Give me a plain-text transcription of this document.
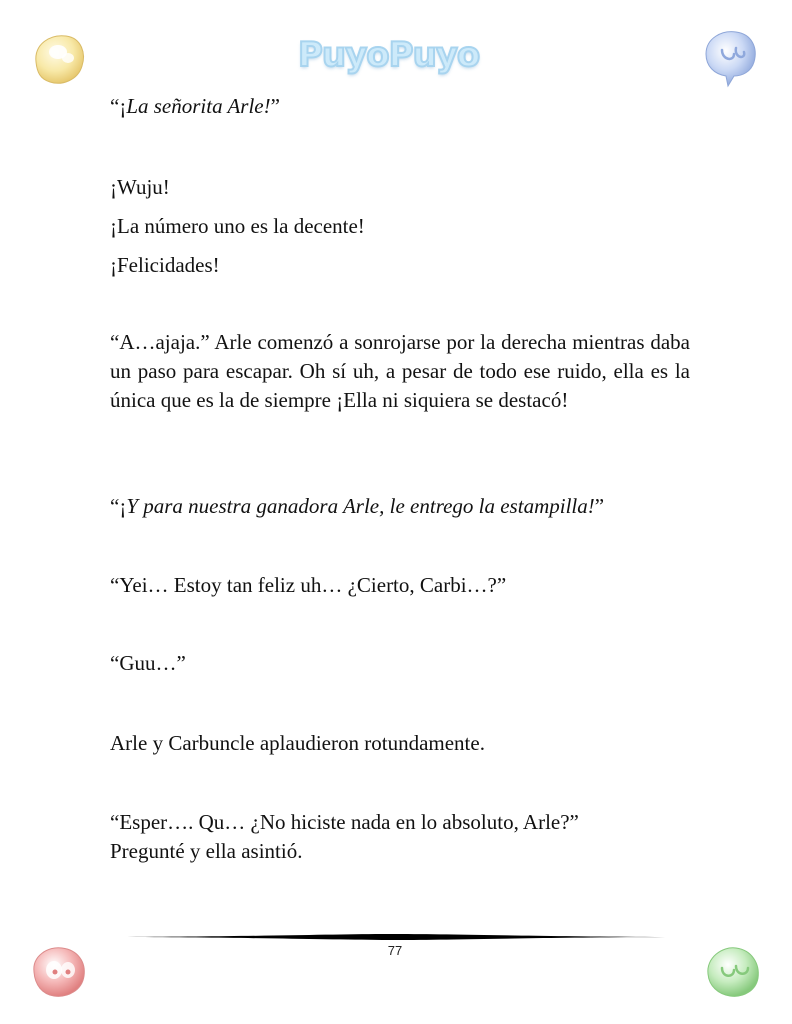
PuyoPuyo

“¡La señorita Arle!”

¡Wuju!

¡La número uno es la decente!

¡Felicidades!

“A…ajaja.” Arle comenzó a sonrojarse por la derecha mientras daba un paso para escapar. Oh sí uh, a pesar de todo ese ruido, ella es la única que es la de siempre ¡Ella ni siquiera se destacó!

“¡Y para nuestra ganadora Arle, le entrego la estampilla!”

“Yei… Estoy tan feliz uh… ¿Cierto, Carbi…?”

“Guu…”

Arle y Carbuncle aplaudieron rotundamente.

“Esper…. Qu… ¿No hiciste nada en lo absoluto, Arle?”
Pregunté y ella asintió.

77
